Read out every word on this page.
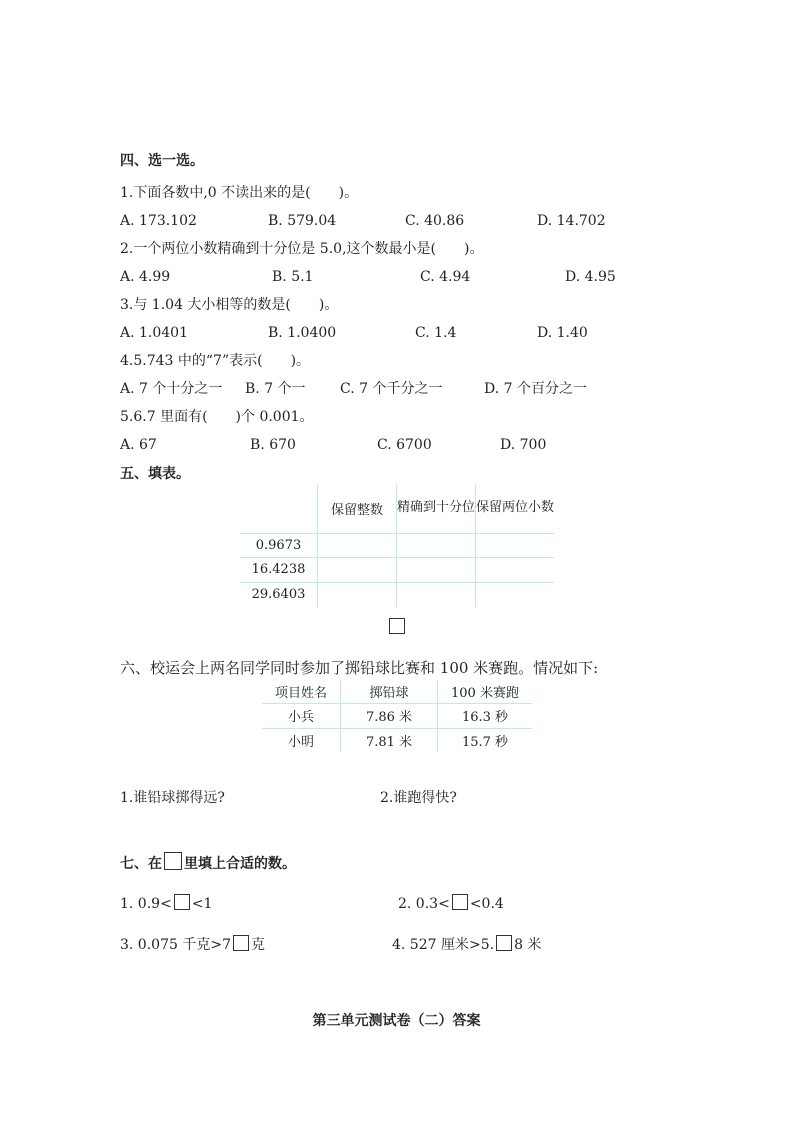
四、选一选。
1.下面各数中,0 不读出来的是(　　)。
A. 173.102	B. 579.04	C. 40.86	D. 14.702
2.一个两位小数精确到十分位是 5.0,这个数最小是(　　)。
A. 4.99	B. 5.1	C. 4.94	D. 4.95
3.与 1.04 大小相等的数是(　　)。
A. 1.0401	B. 1.0400	C. 1.4	D. 1.40
4.5.743 中的“7”表示(　　)。
A. 7 个十分之一 B. 7 个一 C. 7 个千分之一	D. 7 个百分之一
5.6.7 里面有(　　)个 0.001。
A. 67	B. 670	C. 6700	D. 700
五、填表。
	保留整数	精确到十分位	保留两位小数
0.9673			
16.4238			
29.6403			
六、校运会上两名同学同时参加了掷铅球比赛和 100 米赛跑。情况如下:
项目姓名	掷铅球	100 米赛跑
小兵	7.86 米	16.3 秒
小明	7.81 米	15.7 秒
1.谁铅球掷得远?	2.谁跑得快?
七、在 里填上合适的数。
1. 0.9< <1	2. 0.3< <0.4
3. 0.075 千克>7 克	4. 527 厘米>5. 8 米
第三单元测试卷（二）答案
